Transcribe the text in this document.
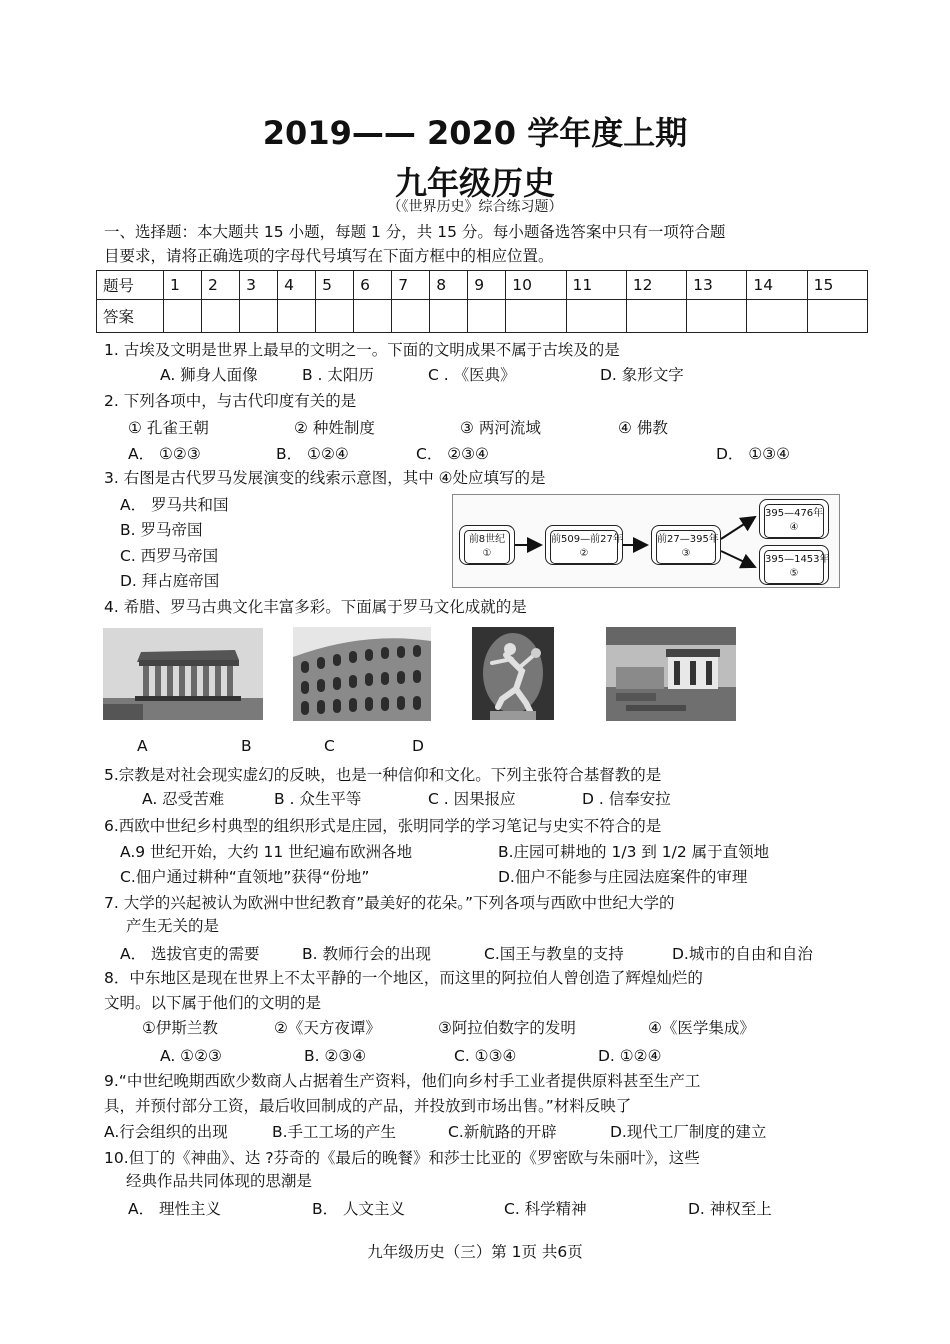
2019—— 2020 学年度上期
九年级历史
（《世界历史》综合练习题）
一、选择题：本大题共 15 小题，每题 1 分，共 15 分。每小题备选答案中只有一项符合题
目要求，请将正确选项的字母代号填写在下面方框中的相应位置。
题号	1	2	3	4	5	6	7	8	9	10	11	12	13	14	15
答案															
1. 古埃及文明是世界上最早的文明之一。下面的文明成果不属于古埃及的是
A. 狮身人面像	B . 太阳历	C . 《医典》	D. 象形文字
2. 下列各项中，与古代印度有关的是
① 孔雀王朝	② 种姓制度	③ 两河流域	④ 佛教
A． ①②③	B． ①②④	C． ②③④	D． ①③④
3. 右图是古代罗马发展演变的线索示意图，其中 ④处应填写的是
A． 罗马共和国
B. 罗马帝国
C. 西罗马帝国
D. 拜占庭帝国
前8世纪
①
前509—前27年
②
前27—395年
③
395—476年
④
395—1453年
⑤
4. 希腊、罗马古典文化丰富多彩。下面属于罗马文化成就的是
A	B	C	D
5.宗教是对社会现实虚幻的反映，也是一种信仰和文化。下列主张符合基督教的是
A. 忍受苦难	B . 众生平等	C . 因果报应	D . 信奉安拉
6.西欧中世纪乡村典型的组织形式是庄园，张明同学的学习笔记与史实不符合的是
A.9 世纪开始，大约 11 世纪遍布欧洲各地	B.庄园可耕地的 1/3 到 1/2 属于直领地
C.佃户通过耕种“直领地”获得“份地”	D.佃户不能参与庄园法庭案件的审理
7. 大学的兴起被认为欧洲中世纪教育”最美好的花朵。”下列各项与西欧中世纪大学的
产生无关的是
A． 选拔官吏的需要	B. 教师行会的出现	C.国王与教皇的支持	D.城市的自由和自治
8．中东地区是现在世界上不太平静的一个地区，而这里的阿拉伯人曾创造了辉煌灿烂的
文明。以下属于他们的文明的是
①伊斯兰教	②《天方夜谭》	③阿拉伯数字的发明	④《医学集成》
A. ①②③	B. ②③④	C. ①③④	D. ①②④
9.“中世纪晚期西欧少数商人占据着生产资料，他们向乡村手工业者提供原料甚至生产工
具，并预付部分工资，最后收回制成的产品，并投放到市场出售。”材料反映了
A.行会组织的出现	B.手工工场的产生	C.新航路的开辟	D.现代工厂制度的建立
10.但丁的《神曲》、达 ?芬奇的《最后的晚餐》和莎士比亚的《罗密欧与朱丽叶》，这些
经典作品共同体现的思潮是
A． 理性主义	B． 人文主义	C. 科学精神	D. 神权至上
九年级历史（三）第 1页 共6页
